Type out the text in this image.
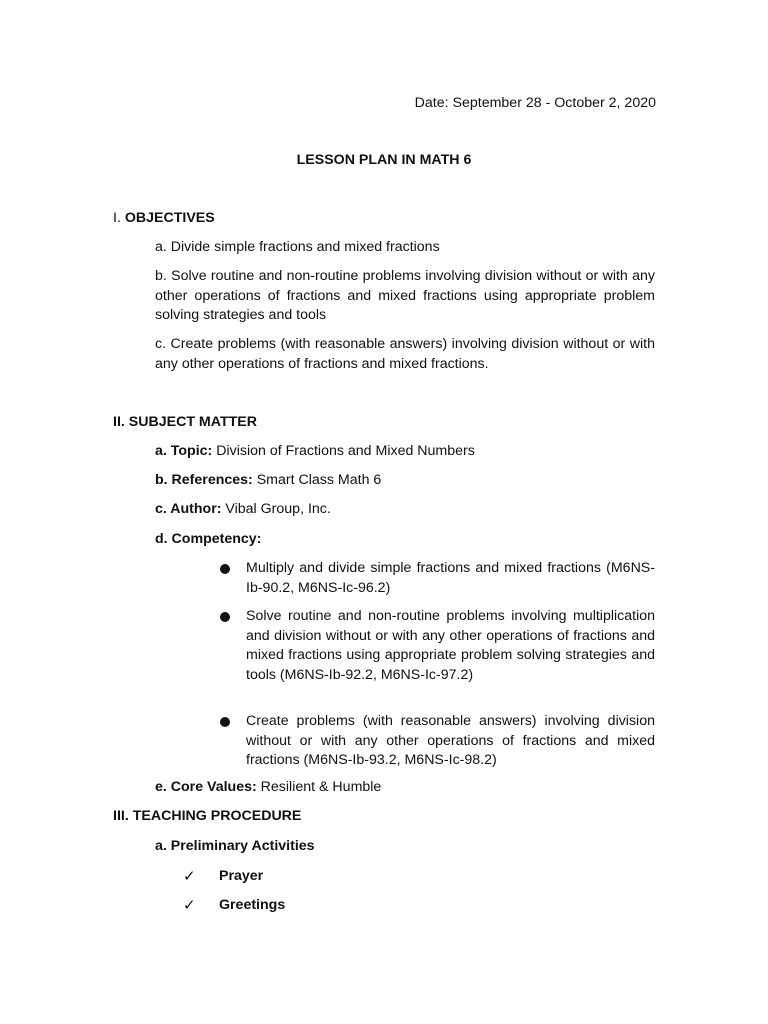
Date: September 28 - October 2, 2020
LESSON PLAN IN MATH 6
I. OBJECTIVES
a. Divide simple fractions and mixed fractions
b. Solve routine and non-routine problems involving division without or with any other operations of fractions and mixed fractions using appropriate problem solving strategies and tools
c. Create problems (with reasonable answers) involving division without or with any other operations of fractions and mixed fractions.
II. SUBJECT MATTER
a. Topic: Division of Fractions and Mixed Numbers
b. References: Smart Class Math 6
c. Author: Vibal Group, Inc.
d. Competency:
Multiply and divide simple fractions and mixed fractions (M6NS-Ib-90.2, M6NS-Ic-96.2)
Solve routine and non-routine problems involving multiplication and division without or with any other operations of fractions and mixed fractions using appropriate problem solving strategies and tools (M6NS-Ib-92.2, M6NS-Ic-97.2)
Create problems (with reasonable answers) involving division without or with any other operations of fractions and mixed fractions (M6NS-Ib-93.2, M6NS-Ic-98.2)
e. Core Values: Resilient & Humble
III. TEACHING PROCEDURE
a. Preliminary Activities
✓ Prayer
✓ Greetings
